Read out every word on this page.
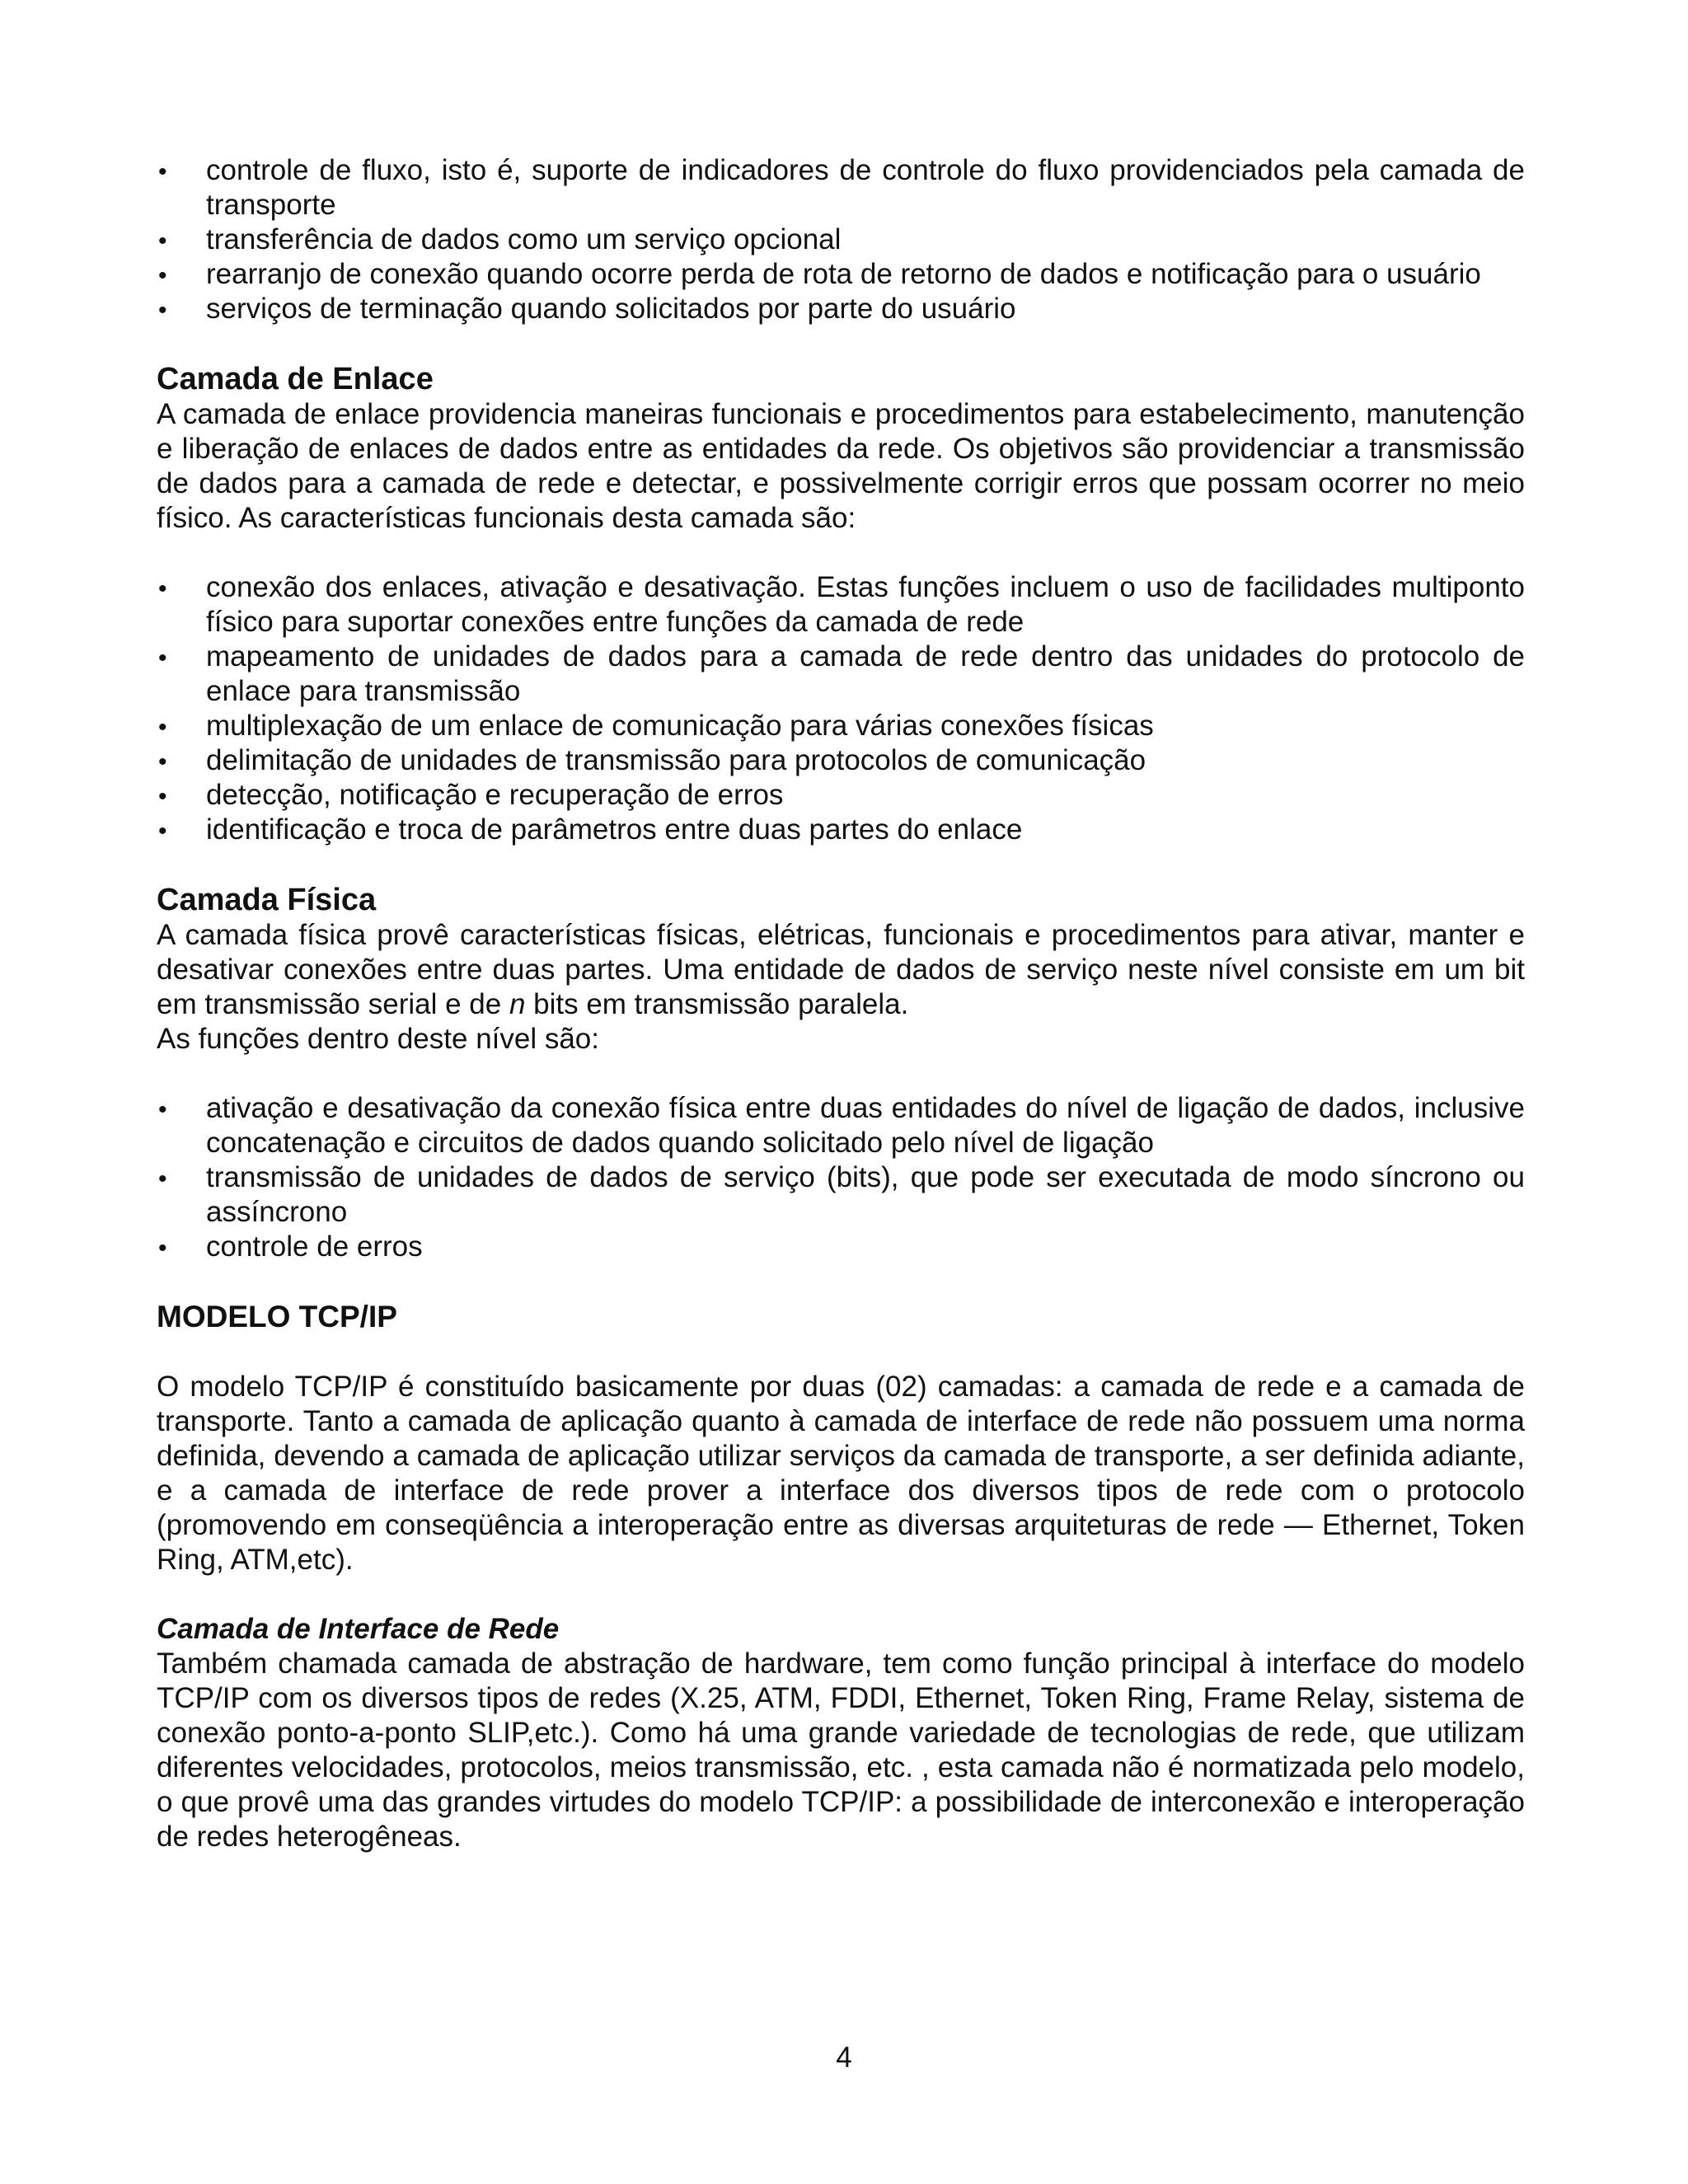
•
controle de fluxo, isto é, suporte de indicadores de controle do fluxo providenciados pela camada de transporte
•
transferência de dados como um serviço opcional
•
rearranjo de conexão quando ocorre perda de rota de retorno de dados e notificação para o usuário
•
serviços de terminação quando solicitados por parte do usuário
Camada de Enlace

A camada de enlace providencia maneiras funcionais e procedimentos para estabelecimento, manutenção e liberação de enlaces de dados entre as entidades da rede. Os objetivos são providenciar a transmissão de dados para a camada de rede e detectar, e possivelmente corrigir erros que possam ocorrer no meio físico. As características funcionais desta camada são:

•
conexão dos enlaces, ativação e desativação. Estas funções incluem o uso de facilidades multiponto físico para suportar conexões entre funções da camada de rede
•
mapeamento de unidades de dados para a camada de rede dentro das unidades do protocolo de enlace para transmissão
•
multiplexação de um enlace de comunicação para várias conexões físicas
•
delimitação de unidades de transmissão para protocolos de comunicação
•
detecção, notificação e recuperação de erros
•
identificação e troca de parâmetros entre duas partes do enlace
Camada Física

A camada física provê características físicas, elétricas, funcionais e procedimentos para ativar, manter e desativar conexões entre duas partes. Uma entidade de dados de serviço neste nível consiste em um bit em transmissão serial e de n bits em transmissão paralela.

As funções dentro deste nível são:

•
ativação e desativação da conexão física entre duas entidades do nível de ligação de dados, inclusive concatenação e circuitos de dados quando solicitado pelo nível de ligação
•
transmissão de unidades de dados de serviço (bits), que pode ser executada de modo síncrono ou assíncrono
•
controle de erros
MODELO TCP/IP

O modelo TCP/IP é constituído basicamente por duas (02) camadas: a camada de rede e a camada de transporte. Tanto a camada de aplicação quanto à camada de interface de rede não possuem uma norma definida, devendo a camada de aplicação utilizar serviços da camada de transporte, a ser definida adiante, e a camada de interface de rede prover a interface dos diversos tipos de rede com o protocolo (promovendo em conseqüência a interoperação entre as diversas arquiteturas de rede — Ethernet, Token Ring, ATM,etc).

Camada de Interface de Rede

Também chamada camada de abstração de hardware, tem como função principal à interface do modelo TCP/IP com os diversos tipos de redes (X.25, ATM, FDDI, Ethernet, Token Ring, Frame Relay, sistema de conexão ponto-a-ponto SLIP,etc.). Como há uma grande variedade de tecnologias de rede, que utilizam diferentes velocidades, protocolos, meios transmissão, etc. , esta camada não é normatizada pelo modelo, o que provê uma das grandes virtudes do modelo TCP/IP: a possibilidade de interconexão e interoperação de redes heterogêneas.

4
